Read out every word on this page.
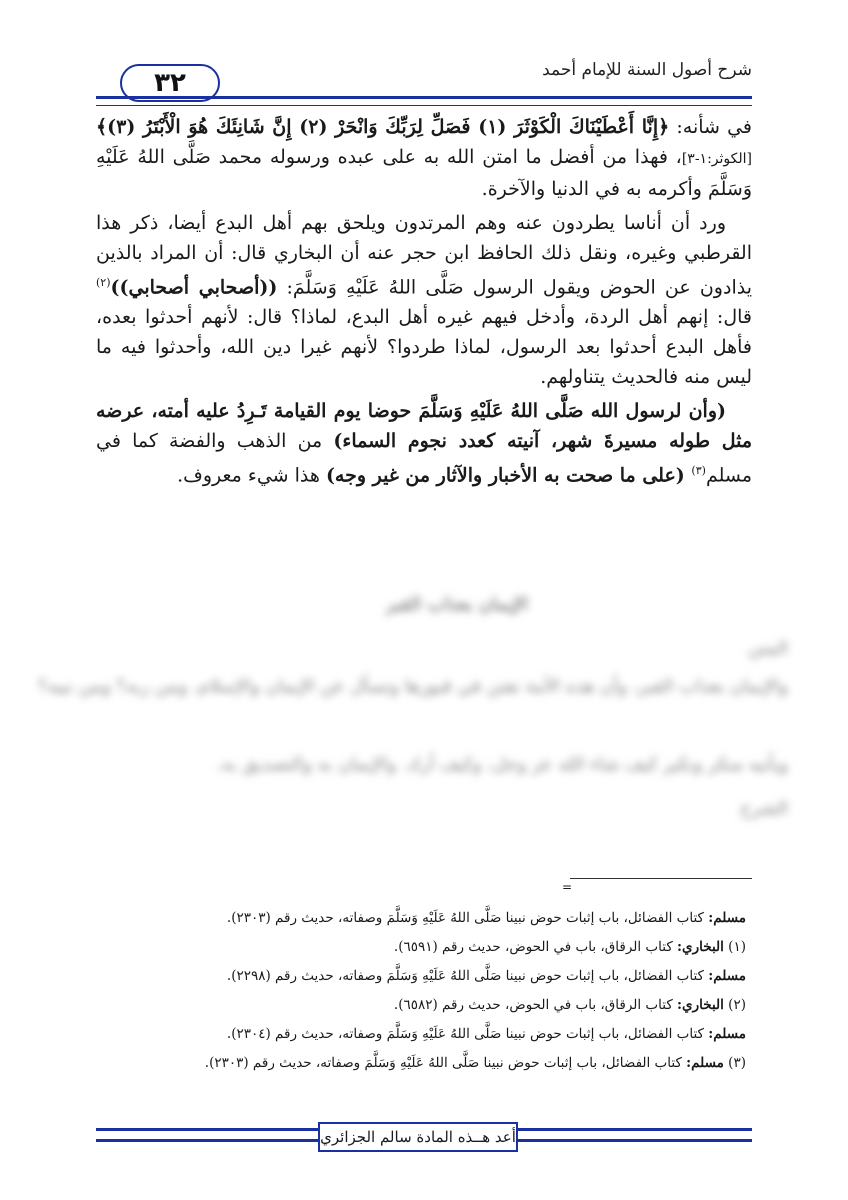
شرح أصول السنة للإمام أحمد
٣٢

في شأنه: ﴿إِنَّا أَعْطَيْنَاكَ الْكَوْثَرَ (١) فَصَلِّ لِرَبِّكَ وَانْحَرْ (٢) إِنَّ شَانِئَكَ هُوَ الْأَبْتَرُ (٣)﴾[الكوثر:١-٣]، فهذا من أفضل ما امتن الله به على عبده ورسوله محمد صَلَّى اللهُ عَلَيْهِ وَسَلَّمَ وأكرمه به في الدنيا والآخرة.

ورد أن أناسا يطردون عنه وهم المرتدون ويلحق بهم أهل البدع أيضا، ذكر هذا القرطبي وغيره، ونقل ذلك الحافظ ابن حجر عنه أن البخاري قال: أن المراد بالذين يذادون عن الحوض ويقول الرسول صَلَّى اللهُ عَلَيْهِ وَسَلَّمَ: ((أصحابي أصحابي))$^{(٢)}$ قال: إنهم أهل الردة، وأدخل فيهم غيره أهل البدع، لماذا؟ قال: لأنهم أحدثوا بعده، فأهل البدع أحدثوا بعد الرسول، لماذا طردوا؟ لأنهم غيرا دين الله، وأحدثوا فيه ما ليس منه فالحديث يتناولهم.

(وأن لرسول الله صَلَّى اللهُ عَلَيْهِ وَسَلَّمَ حوضا يوم القيامة تَـرِدُ عليه أمته، عرضه مثل طوله مسيرةَ شهر، آنيته كعدد نجوم السماء) من الذهب والفضة كما في مسلم$^{(٣)}$ (على ما صحت به الأخبار والآثار من غير وجه) هذا شيء معروف.

الإيمان بعذاب القبر
المتن
والإيمان بعذاب القبر، وأن هذه الأمة تفتن في قبورها وتسأل عن الإيمان والإسلام، ومن ربه؟ ومن نبيه؟
ويأتيه منكر ونكير كيف شاء الله عز وجل، وكيف أراد. والإيمان به والتصديق به.
الشرح
=
مسلم: كتاب الفضائل، باب إثبات حوض نبينا صَلَّى اللهُ عَلَيْهِ وَسَلَّمَ وصفاته، حديث رقم (٢٣٠٣).
(١) البخاري: كتاب الرقاق، باب في الحوض، حديث رقم (٦٥٩١).
مسلم: كتاب الفضائل، باب إثبات حوض نبينا صَلَّى اللهُ عَلَيْهِ وَسَلَّمَ وصفاته، حديث رقم (٢٢٩٨).
(٢) البخاري: كتاب الرقاق، باب في الحوض، حديث رقم (٦٥٨٢).
مسلم: كتاب الفضائل، باب إثبات حوض نبينا صَلَّى اللهُ عَلَيْهِ وَسَلَّمَ وصفاته، حديث رقم (٢٣٠٤).
(٣) مسلم: كتاب الفضائل، باب إثبات حوض نبينا صَلَّى اللهُ عَلَيْهِ وَسَلَّمَ وصفاته، حديث رقم (٢٣٠٣).
أعد هــذه المادة سالم الجزائري
